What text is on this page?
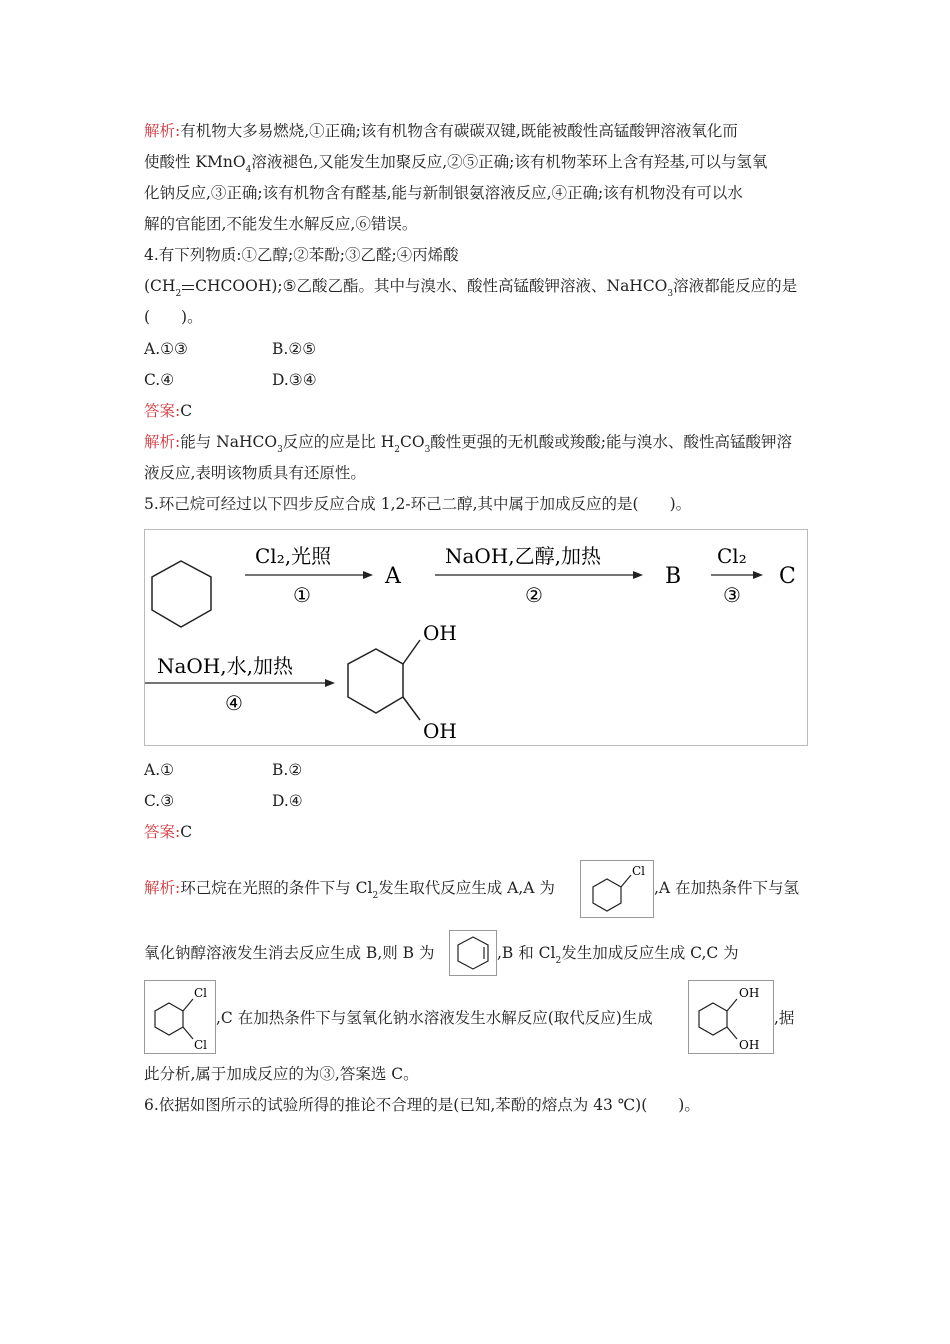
解析:有机物大多易燃烧,①正确;该有机物含有碳碳双键,既能被酸性高锰酸钾溶液氧化而
使酸性 KMnO$_4$溶液褪色,又能发生加聚反应,②⑤正确;该有机物苯环上含有羟基,可以与氢氧
化钠反应,③正确;该有机物含有醛基,能与新制银氨溶液反应,④正确;该有机物没有可以水
解的官能团,不能发生水解反应,⑥错误。
4.有下列物质:①乙醇;②苯酚;③乙醛;④丙烯酸
($CH_2$ CHCOOH);⑤乙酸乙酯。其中与溴水、酸性高锰酸钾溶液、NaHCO$_3$溶液都能反应的是
(　　)。
A.①③	B.②⑤
C.④	D.③④
答案:C
解析:能与 NaHCO$_3$反应的应是比 $H_2CO_3$酸性更强的无机酸或羧酸;能与溴水、酸性高锰酸钾溶
液反应,表明该物质具有还原性。
5.环己烷可经过以下四步反应合成 1,2-环己二醇,其中属于加成反应的是(　　)。
Cl₂,光照
①
A
NaOH,乙醇,加热
②
B
Cl₂
③
C
NaOH,水,加热
④
OH
OH
A.①	B.②
C.③	D.④
答案:C
解析:环己烷在光照的条件下与 $Cl_2$发生取代反应生成 A,A 为
Cl
,A 在加热条件下与氢
氧化钠醇溶液发生消去反应生成 B,则 B 为	,B 和 $Cl_2$发生加成反应生成 C,C 为
Cl
Cl
,C 在加热条件下与氢氧化钠水溶液发生水解反应(取代反应)生成
OH
OH
,据
此分析,属于加成反应的为③,答案选 C。
6.依据如图所示的试验所得的推论不合理的是(已知,苯酚的熔点为 43 ℃)(　　)。
